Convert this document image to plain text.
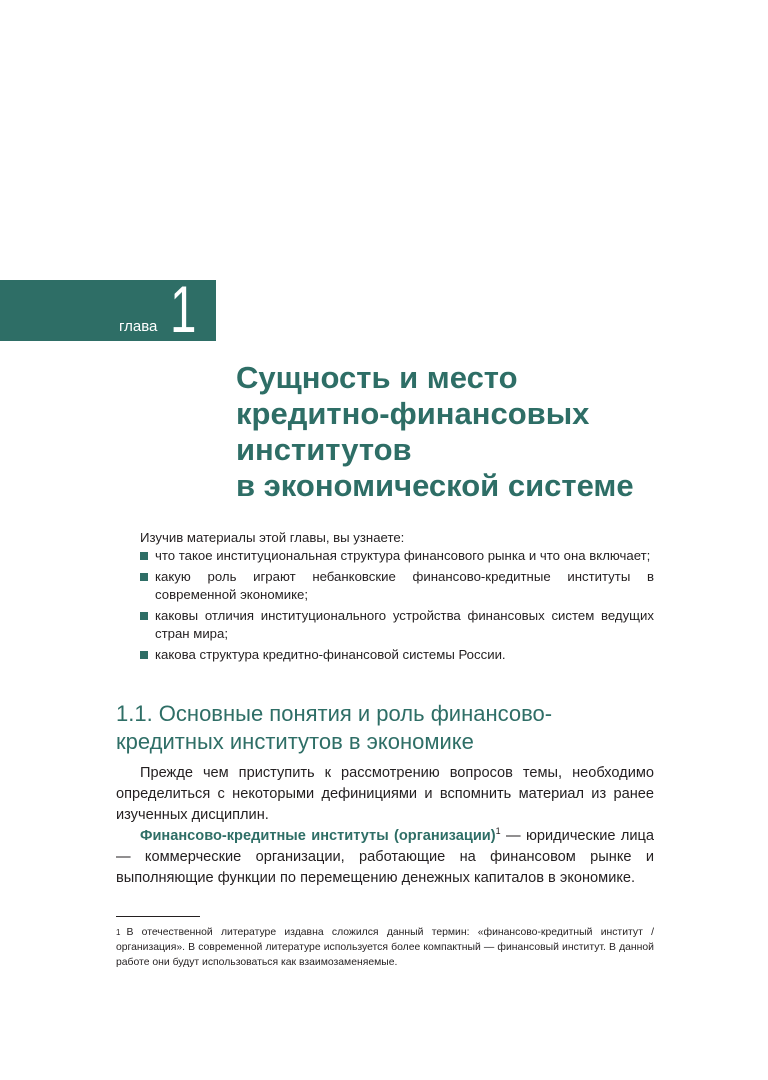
глава 1
Сущность и место
кредитно-финансовых
институтов
в экономической системе

Изучив материалы этой главы, вы узнаете:

что такое институциональная структура финансового рынка и что она включает;
какую роль играют небанковские финансово-кредитные институты в современной экономике;
каковы отличия институционального устройства финансовых систем ведущих стран мира;
какова структура кредитно-финансовой системы России.
1.1. Основные понятия и роль финансово-
кредитных институтов в экономике

Прежде чем приступить к рассмотрению вопросов темы, необходимо определиться с некоторыми дефинициями и вспомнить материал из ранее изученных дисциплин.

Финансово-кредитные институты (организации)$^1$ — юридические лица — коммерческие организации, работающие на финансовом рынке и выполняющие функции по перемещению денежных капиталов в экономике.

$^1$ В отечественной литературе издавна сложился данный термин: «финансово-кредитный институт / организация». В современной литературе используется более компактный — финансовый институт. В данной работе они будут использоваться как взаимозаменяемые.
